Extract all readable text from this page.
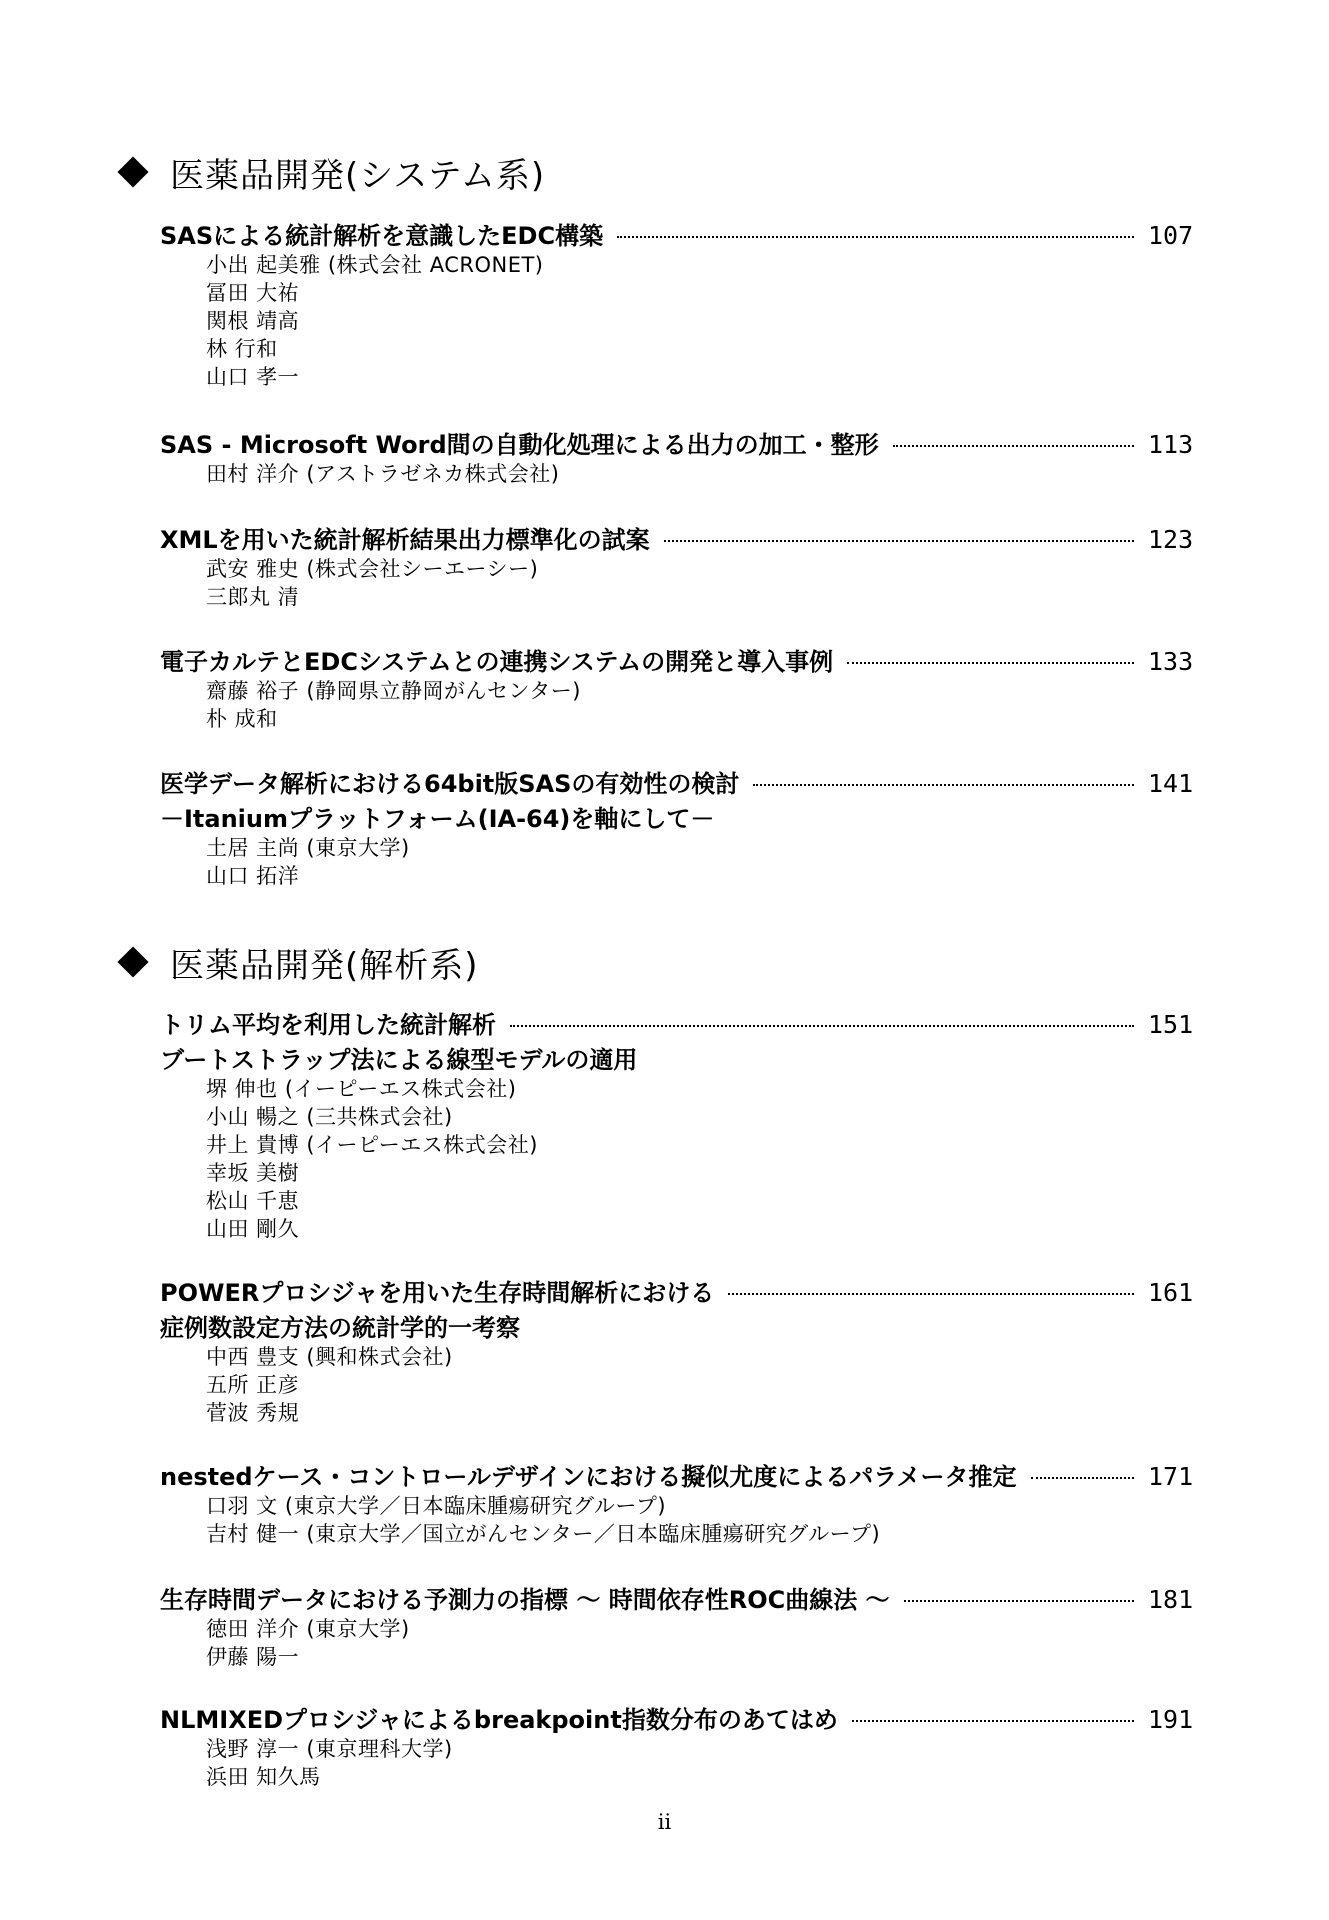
医薬品開発(システム系)
SASによる統計解析を意識したEDC構築	107
小出 起美雅 (株式会社 ACRONET)
冨田 大祐
関根 靖高
林 行和
山口 孝一
SAS - Microsoft Word間の自動化処理による出力の加工・整形	113
田村 洋介 (アストラゼネカ株式会社)
XMLを用いた統計解析結果出力標準化の試案	123
武安 雅史 (株式会社シーエーシー)
三郎丸 清
電子カルテとEDCシステムとの連携システムの開発と導入事例	133
齋藤 裕子 (静岡県立静岡がんセンター)
朴 成和
医学データ解析における64bit版SASの有効性の検討	141
－Itaniumプラットフォーム(IA-64)を軸にして－
土居 主尚 (東京大学)
山口 拓洋
医薬品開発(解析系)
トリム平均を利用した統計解析	151
ブートストラップ法による線型モデルの適用
堺 伸也 (イーピーエス株式会社)
小山 暢之 (三共株式会社)
井上 貴博 (イーピーエス株式会社)
幸坂 美樹
松山 千恵
山田 剛久
POWERプロシジャを用いた生存時間解析における	161
症例数設定方法の統計学的一考察
中西 豊支 (興和株式会社)
五所 正彦
菅波 秀規
nestedケース・コントロールデザインにおける擬似尤度によるパラメータ推定	171
口羽 文 (東京大学／日本臨床腫瘍研究グループ)
吉村 健一 (東京大学／国立がんセンター／日本臨床腫瘍研究グループ)
生存時間データにおける予測力の指標 ～ 時間依存性ROC曲線法 ～	181
徳田 洋介 (東京大学)
伊藤 陽一
NLMIXEDプロシジャによるbreakpoint指数分布のあてはめ	191
浅野 淳一 (東京理科大学)
浜田 知久馬
ii
